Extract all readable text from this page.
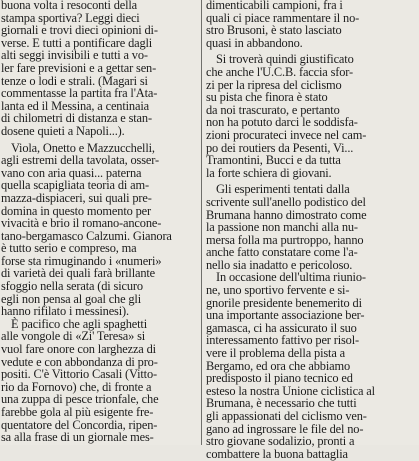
buona volta i resoconti della
stampa sportiva? Leggi dieci
giornali e trovi dieci opinioni di-
verse. E tutti a pontificare dagli
alti seggi invisibili e tutti a vo-
ler fare previsioni e a gettar sen-
tenze o lodi e strali. (Magari si
commentasse la partita fra l'Ata-
lanta ed il Messina, a centinaia
di chilometri di distanza e stan-
dosene quieti a Napoli...).
Viola, Onetto e Mazzucchelli,
agli estremi della tavolata, osser-
vano con aria quasi... paterna
quella scapigliata teoria di am-
mazza-dispiaceri, sui quali pre-
domina in questo momento per
vivacità e brio il romano-ancone-
tano-bergamasco Calzumi. Gianora
è tutto serio e compreso, ma
forse sta rimuginando i «numeri»
di varietà dei quali farà brillante
sfoggio nella serata (di sicuro
egli non pensa al goal che gli
hanno rifilato i messinesi).
È pacifico che agli spaghetti
alle vongole di «Zi' Teresa» si
vuol fare onore con larghezza di
vedute e con abbondanza di pro-
positi. C'è Vittorio Casali (Vitto-
rio da Fornovo) che, di fronte a
una zuppa di pesce trionfale, che
farebbe gola al più esigente fre-
quentatore del Concordia, ripen-
sa alla frase di un giornale mes-
dimenticabili campioni, fra i
quali ci piace rammentare il no-
stro Brusoni, è stato lasciato
quasi in abbandono.
Si troverà quindi giustificato
che anche l'U.C.B. faccia sfor-
zi per la ripresa del ciclismo
su pista che finora è stato
da noi trascurato, e pertanto
non ha potuto darci le soddisfa-
zioni procurateci invece nel cam-
po dei routiers da Pesenti, Vi...
Tramontini, Bucci e da tutta
la forte schiera di giovani.
Gli esperimenti tentati dalla
scrivente sull'anello podistico del
Brumana hanno dimostrato come
la passione non manchi alla nu-
mersa folla ma purtroppo, hanno
anche fatto constatare come l'a-
nello sia inadatto e pericoloso.
In occasione dell'ultima riunio-
ne, uno sportivo fervente e si-
gnorile presidente benemerito di
una importante associazione ber-
gamasca, ci ha assicurato il suo
interessamento fattivo per risol-
vere il problema della pista a
Bergamo, ed ora che abbiamo
predisposto il piano tecnico ed
esteso la nostra Unione ciclistica al
Brumana, è necessario che tutti
gli appassionati del ciclismo ven-
gano ad ingrossare le file del no-
stro giovane sodalizio, pronti a
combattere la buona battaglia
